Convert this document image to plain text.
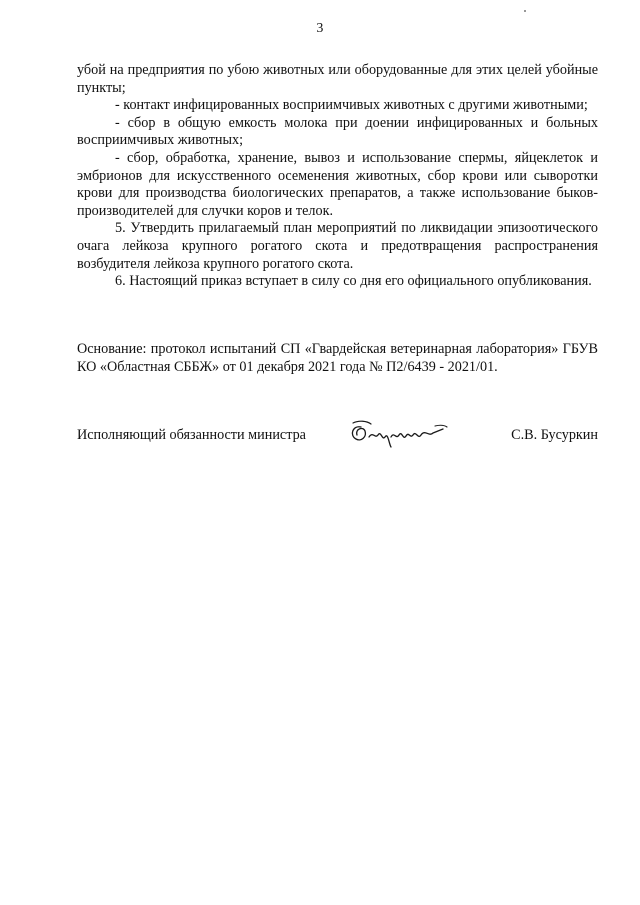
3

убой на предприятия по убою животных или оборудованные для этих целей убойные пункты;

- контакт инфицированных восприимчивых животных с другими животными;

- сбор в общую емкость молока при доении инфицированных и больных восприимчивых животных;

- сбор, обработка, хранение, вывоз и использование спермы, яйцеклеток и эмбрионов для искусственного осеменения животных, сбор крови или сыворотки крови для производства биологических препаратов, а также использование быков-производителей для случки коров и телок.

5. Утвердить прилагаемый план мероприятий по ликвидации эпизоотического очага лейкоза крупного рогатого скота и предотвращения распространения возбудителя лейкоза крупного рогатого скота.

6. Настоящий приказ вступает в силу со дня его официального опубликования.

Основание: протокол испытаний СП «Гвардейская ветеринарная лаборатория» ГБУВ КО «Областная СББЖ» от 01 декабря 2021 года № П2/6439 - 2021/01.

Исполняющий обязанности министра	С.В. Бусуркин
